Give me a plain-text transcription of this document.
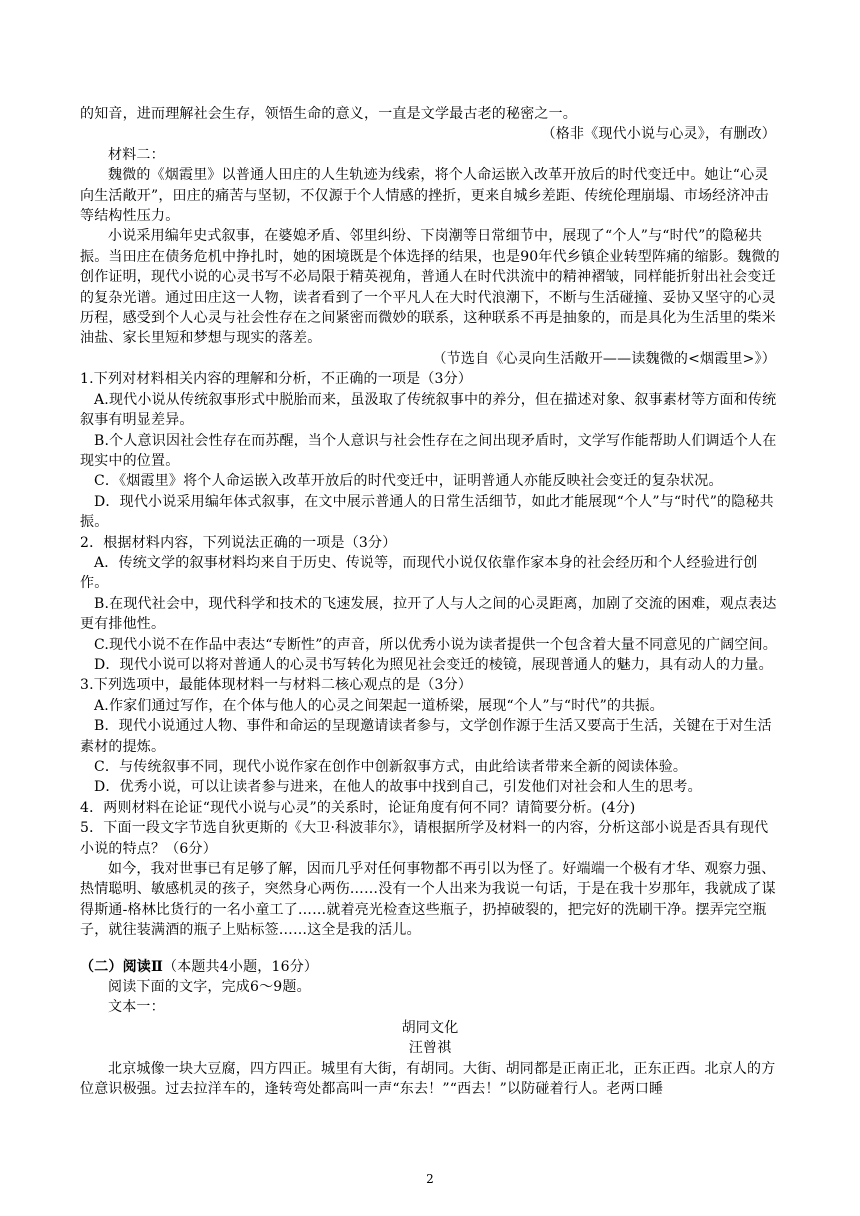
的知音，进而理解社会生存，领悟生命的意义，一直是文学最古老的秘密之一。

（格非《现代小说与心灵》，有删改）

材料二：

魏微的《烟霞里》以普通人田庄的人生轨迹为线索，将个人命运嵌入改革开放后的时代变迁中。她让“心灵向生活敞开”，田庄的痛苦与坚韧，不仅源于个人情感的挫折，更来自城乡差距、传统伦理崩塌、市场经济冲击等结构性压力。

小说采用编年史式叙事，在婆媳矛盾、邻里纠纷、下岗潮等日常细节中，展现了“个人”与“时代”的隐秘共振。当田庄在债务危机中挣扎时，她的困境既是个体选择的结果，也是90年代乡镇企业转型阵痛的缩影。魏微的创作证明，现代小说的心灵书写不必局限于精英视角，普通人在时代洪流中的精神褶皱，同样能折射出社会变迁的复杂光谱。通过田庄这一人物，读者看到了一个平凡人在大时代浪潮下，不断与生活碰撞、妥协又坚守的心灵历程，感受到个人心灵与社会性存在之间紧密而微妙的联系，这种联系不再是抽象的，而是具化为生活里的柴米油盐、家长里短和梦想与现实的落差。

（节选自《心灵向生活敞开——读魏微的<烟霞里>》）

1.下列对材料相关内容的理解和分析，不正确的一项是（3分）

A.现代小说从传统叙事形式中脱胎而来，虽汲取了传统叙事中的养分，但在描述对象、叙事素材等方面和传统叙事有明显差异。

B.个人意识因社会性存在而苏醒，当个人意识与社会性存在之间出现矛盾时，文学写作能帮助人们调适个人在现实中的位置。

C．《烟霞里》将个人命运嵌入改革开放后的时代变迁中，证明普通人亦能反映社会变迁的复杂状况。

D．现代小说采用编年体式叙事，在文中展示普通人的日常生活细节，如此才能展现“个人”与“时代”的隐秘共振。

2．根据材料内容，下列说法正确的一项是（3分）

A．传统文学的叙事材料均来自于历史、传说等，而现代小说仅依靠作家本身的社会经历和个人经验进行创作。

B.在现代社会中，现代科学和技术的飞速发展，拉开了人与人之间的心灵距离，加剧了交流的困难，观点表达更有排他性。

C.现代小说不在作品中表达“专断性”的声音，所以优秀小说为读者提供一个包含着大量不同意见的广阔空间。

D．现代小说可以将对普通人的心灵书写转化为照见社会变迁的棱镜，展现普通人的魅力，具有动人的力量。

3.下列选项中，最能体现材料一与材料二核心观点的是（3分）

A.作家们通过写作，在个体与他人的心灵之间架起一道桥梁，展现“个人”与“时代”的共振。

B．现代小说通过人物、事件和命运的呈现邀请读者参与，文学创作源于生活又要高于生活，关键在于对生活素材的提炼。

C．与传统叙事不同，现代小说作家在创作中创新叙事方式，由此给读者带来全新的阅读体验。

D．优秀小说，可以让读者参与进来，在他人的故事中找到自己，引发他们对社会和人生的思考。

4．两则材料在论证“现代小说与心灵”的关系时，论证角度有何不同？请简要分析。(4分)

5．下面一段文字节选自狄更斯的《大卫·科波菲尔》，请根据所学及材料一的内容，分析这部小说是否具有现代小说的特点？（6分）

如今，我对世事已有足够了解，因而几乎对任何事物都不再引以为怪了。好端端一个极有才华、观察力强、热情聪明、敏感机灵的孩子，突然身心两伤……没有一个人出来为我说一句话，于是在我十岁那年，我就成了谋得斯通-格林比货行的一名小童工了……就着亮光检查这些瓶子，扔掉破裂的，把完好的洗刷干净。摆弄完空瓶子，就往装满酒的瓶子上贴标签……这全是我的活儿。

（二）阅读Ⅱ（本题共4小题，16分）

阅读下面的文字，完成6～9题。

文本一：

胡同文化

汪曾祺

北京城像一块大豆腐，四方四正。城里有大街，有胡同。大街、胡同都是正南正北，正东正西。北京人的方位意识极强。过去拉洋车的，逢转弯处都高叫一声“东去！”“西去！”以防碰着行人。老两口睡

2
